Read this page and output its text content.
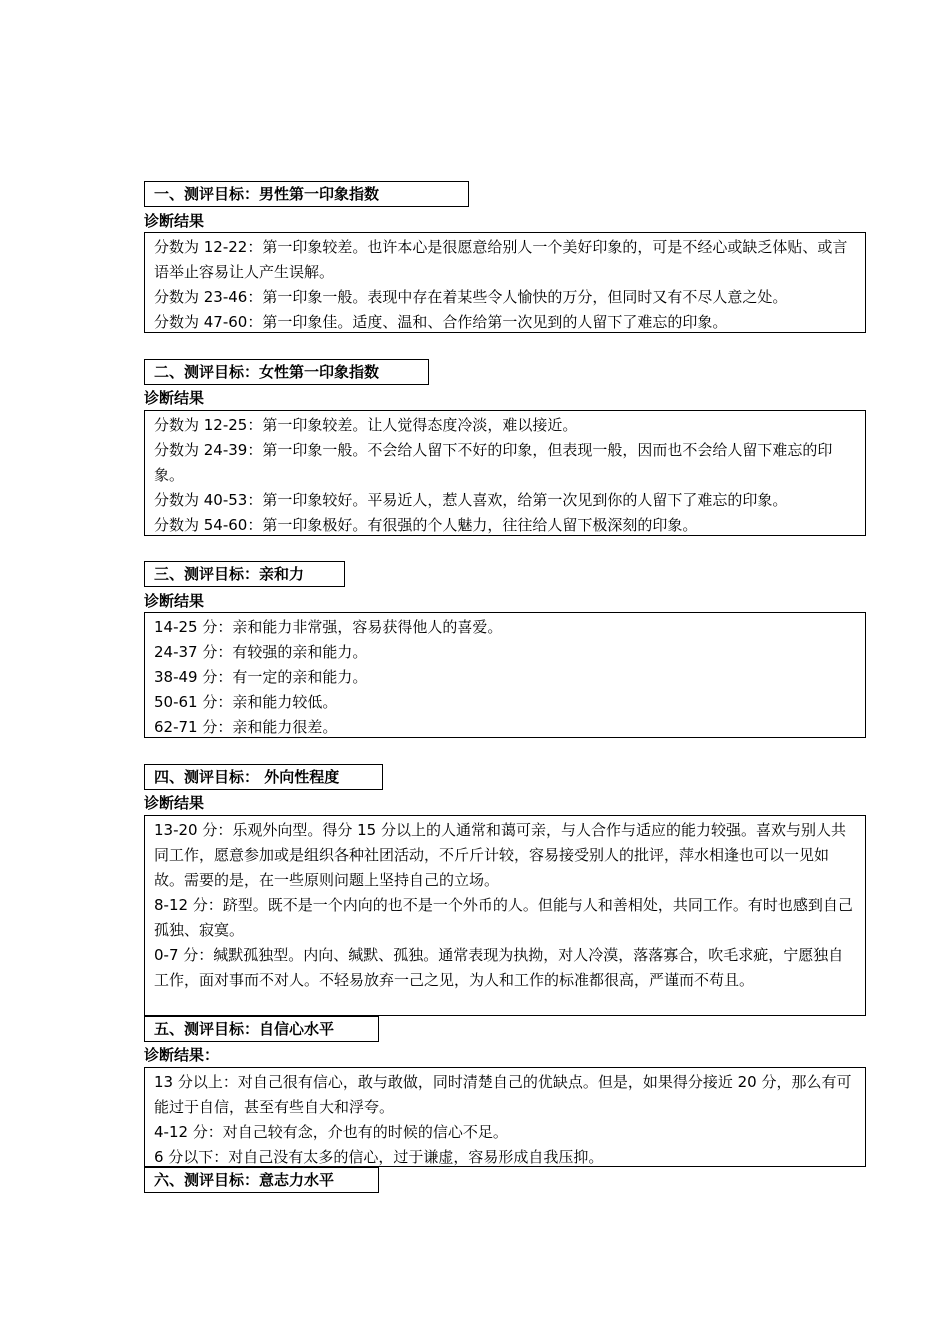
一、测评目标：男性第一印象指数
诊断结果
分数为 12-22：第一印象较差。也许本心是很愿意给别人一个美好印象的，可是不经心或缺乏体贴、或言语举止容易让人产生误解。
分数为 23-46：第一印象一般。表现中存在着某些令人愉快的万分，但同时又有不尽人意之处。
分数为 47-60：第一印象佳。适度、温和、合作给第一次见到的人留下了难忘的印象。
二、测评目标：女性第一印象指数
诊断结果
分数为 12-25：第一印象较差。让人觉得态度冷淡，难以接近。
分数为 24-39：第一印象一般。不会给人留下不好的印象，但表现一般，因而也不会给人留下难忘的印象。
分数为 40-53：第一印象较好。平易近人，惹人喜欢，给第一次见到你的人留下了难忘的印象。
分数为 54-60：第一印象极好。有很强的个人魅力，往往给人留下极深刻的印象。
三、测评目标：亲和力
诊断结果
14-25 分：亲和能力非常强，容易获得他人的喜爱。
24-37 分：有较强的亲和能力。
38-49 分：有一定的亲和能力。
50-61 分：亲和能力较低。
62-71 分：亲和能力很差。
四、测评目标： 外向性程度
诊断结果
13-20 分：乐观外向型。得分 15 分以上的人通常和蔼可亲，与人合作与适应的能力较强。喜欢与别人共同工作，愿意参加或是组织各种社团活动，不斤斤计较，容易接受别人的批评，萍水相逢也可以一见如故。需要的是，在一些原则问题上坚持自己的立场。
8-12 分：跻型。既不是一个内向的也不是一个外币的人。但能与人和善相处，共同工作。有时也感到自己孤独、寂寞。
0-7 分：缄默孤独型。内向、缄默、孤独。通常表现为执拗，对人冷漠，落落寡合，吹毛求疵，宁愿独自工作，面对事而不对人。不轻易放弃一己之见，为人和工作的标准都很高，严谨而不苟且。
五、测评目标：自信心水平
诊断结果：
13 分以上：对自己很有信心，敢与敢做，同时清楚自己的优缺点。但是，如果得分接近 20 分，那么有可能过于自信，甚至有些自大和浮夸。
4-12 分：对自己较有念，介也有的时候的信心不足。
6 分以下：对自己没有太多的信心，过于谦虚，容易形成自我压抑。
六、测评目标：意志力水平
